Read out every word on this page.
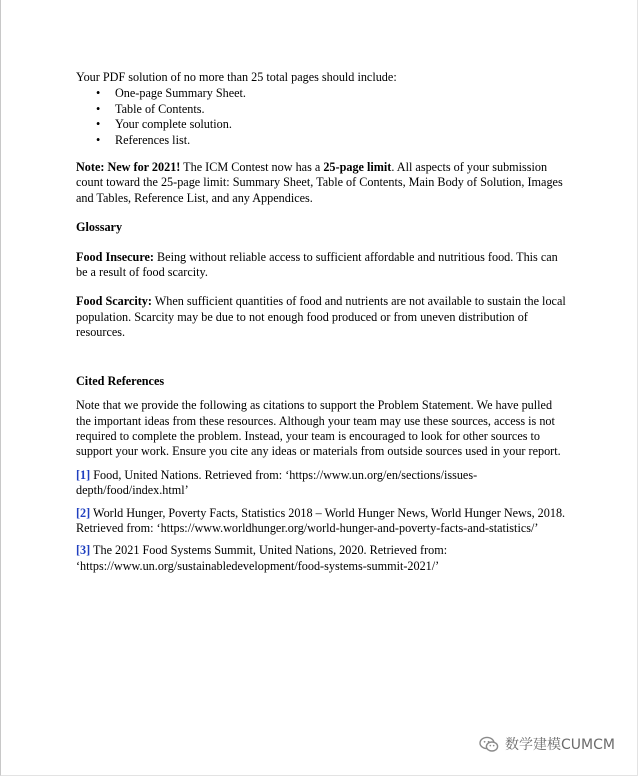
Your PDF solution of no more than 25 total pages should include:

• One-page Summary Sheet.
• Table of Contents.
• Your complete solution.
• References list.

Note: New for 2021! The ICM Contest now has a 25-page limit. All aspects of your submission count toward the 25-page limit: Summary Sheet, Table of Contents, Main Body of Solution, Images and Tables, Reference List, and any Appendices.

Glossary

Food Insecure: Being without reliable access to sufficient affordable and nutritious food. This can be a result of food scarcity.

Food Scarcity: When sufficient quantities of food and nutrients are not available to sustain the local population. Scarcity may be due to not enough food produced or from uneven distribution of resources.

Cited References

Note that we provide the following as citations to support the Problem Statement. We have pulled the important ideas from these resources. Although your team may use these sources, access is not required to complete the problem. Instead, your team is encouraged to look for other sources to support your work. Ensure you cite any ideas or materials from outside sources used in your report.

[1] Food, United Nations. Retrieved from: ‘https://www.un.org/en/sections/issues-depth/food/index.html’

[2] World Hunger, Poverty Facts, Statistics 2018 – World Hunger News, World Hunger News, 2018. Retrieved from: ‘https://www.worldhunger.org/world-hunger-and-poverty-facts-and-statistics/’

[3] The 2021 Food Systems Summit, United Nations, 2020. Retrieved from: ‘https://www.un.org/sustainabledevelopment/food-systems-summit-2021/’

数学建模CUMCM
